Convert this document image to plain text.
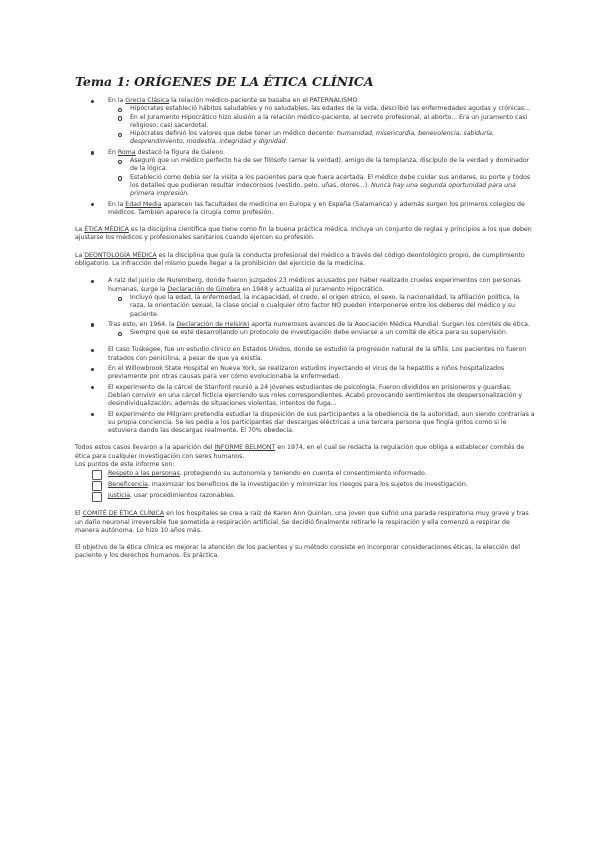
Tema 1: ORÍGENES DE LA ÉTICA CLÍNICA
En la Grecia Clásica la relación médico-paciente se basaba en el PATERNALISMO.
Hipócrates estableció hábitos saludables y no saludables, las edades de la vida, describió las enfermedades agudas y crónicas...
En el Juramento Hipocrático hizo alusión a la relación médico-paciente, al secreto profesional, al aborto... Era un juramento casi religioso, casi sacerdotal.
Hipócrates definió los valores que debe tener un médico decente: humanidad, misericordia, benevolencia, sabiduría, desprendimiento, modestia, integridad y dignidad.
En Roma destacó la figura de Galeno.
Aseguró que un médico perfecto ha de ser filósofo (amar la verdad), amigo de la templanza, discípulo de la verdad y dominador de la lógica.
Estableció como debía ser la visita a los pacientes para que fuera acertada. El médico debe cuidar sus andares, su porte y todos los detalles que pudieran resultar indecorosos (vestido, pelo, uñas, olores...). Nunca hay una segunda oportunidad para una primera impresión.
En la Edad Media aparecen las facultades de medicina en Europa y en España (Salamanca) y además surgen los primeros colegios de médicos. También aparece la cirugía como profesión.

La ÉTICA MÉDICA es la disciplina científica que tiene como fin la buena práctica médica. Incluye un conjunto de reglas y principios a los que deben ajustarse los médicos y profesionales sanitarios cuando ejercen su profesión.

La DEONTOLOGÍA MÉDICA es la disciplina que guía la conducta profesional del médico a través del código deontológico propio, de cumplimiento obligatorio. La infracción del mismo puede llegar a la prohibición del ejercicio de la medicina.

A raíz del juicio de Nuremberg, donde fueron juzgados 23 médicos acusados por haber realizado crueles experimentos con personas humanas, surge la Declaración de Ginebra en 1948 y actualiza el Juramento Hipocrático.
Incluyó que la edad, la enfermedad, la incapacidad, el credo, el origen étnico, el sexo, la nacionalidad, la afiliación política, la raza, la orientación sexual, la clase social o cualquier otro factor NO pueden interponerse entre los deberes del médico y su paciente.
Tras esto, en 1964, la Declaración de Helsinki aporta numerosos avances de la Asociación Médica Mundial. Surgen los comités de ética.
Siempre que se esté desarrollando un protocolo de investigación debe enviarse a un comité de ética para su supervisión.
El caso Tuskegee, fue un estudio clínico en Estados Unidos, donde se estudió la progresión natural de la sífilis. Los pacientes no fueron tratados con penicilina, a pesar de que ya existía.
En el Willowbrook State Hospital en Nueva York, se realizaron estudios inyectando el virus de la hepatitis a niños hospitalizados previamente por otras causas para ver cómo evolucionaba la enfermedad.
El experimento de la cárcel de Stanford reunió a 24 jóvenes estudiantes de psicología. Fueron divididos en prisioneros y guardias. Debían convivir en una cárcel ficticia ejerciendo sus roles correspondientes. Acabó provocando sentimientos de despersonalización y desindividualización, además de situaciones violentas, intentos de fuga...
El experimento de Milgram pretendía estudiar la disposición de sus participantes a la obediencia de la autoridad, aun siendo contrarias a su propia conciencia. Se les pedía a los participantes dar descargas eléctricas a una tercera persona que fingía gritos como si le estuviera dando las descargas realmente. El 70% obedecía.

Todos estos casos llevaron a la aparición del INFORME BELMONT en 1974, en el cual se redacta la regulación que obliga a establecer comités de ética para cualquier investigación con seres humanos.
Los puntos de este informe son:

Respeto a las personas, protegiendo su autonomía y teniendo en cuenta el consentimiento informado.
Beneficencia, maximizar los beneficios de la investigación y minimizar los riesgos para los sujetos de investigación.
Justicia, usar procedimientos razonables.

El COMITÉ DE ÉTICA CLÍNICA en los hospitales se crea a raíz de Karen Ann Quinlan, una joven que sufrió una parada respiratoria muy grave y tras un daño neuronal irreversible fue sometida a respiración artificial. Se decidió finalmente retirarle la respiración y ella comenzó a respirar de manera autónoma. Lo hizo 10 años más.

El objetivo de la ética clínica es mejorar la atención de los pacientes y su método consiste en incorporar consideraciones éticas, la elección del paciente y los derechos humanos. Es práctica.
